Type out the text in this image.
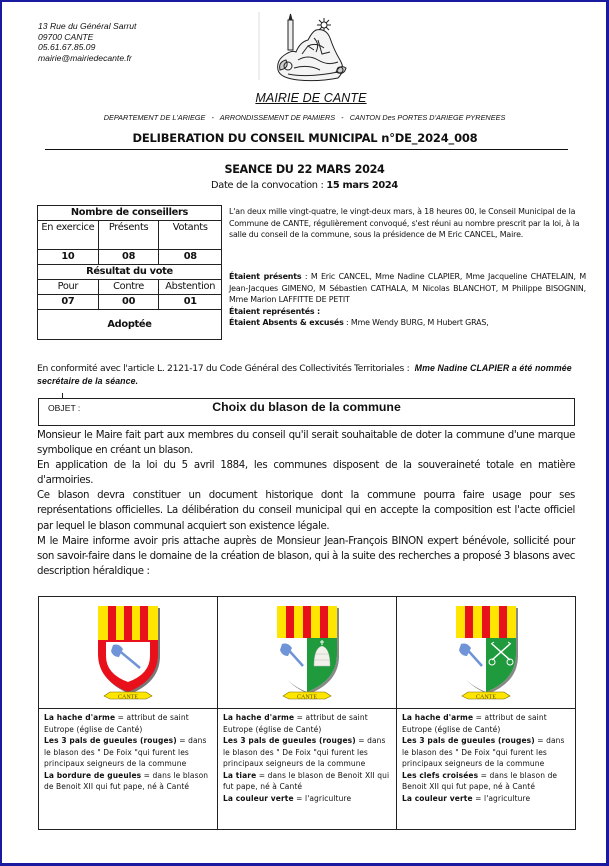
13 Rue du Général Sarrut
09700 CANTE
05.61.67.85.09
mairie@mairiedecante.fr
MAIRIE DE CANTE
DEPARTEMENT DE L'ARIEGE   -   ARRONDISSEMENT DE PAMIERS   -   CANTON Des PORTES D'ARIEGE PYRENEES
DELIBERATION DU CONSEIL MUNICIPAL n°DE_2024_008
SEANCE DU 22 MARS 2024
Date de la convocation : 15 mars 2024
Nombre de conseillers		
En exercice	Présents	Votants
10	08	08
Résultat du vote		
Pour	Contre	Abstention
07	00	01
Adoptée		
L'an deux mille vingt-quatre, le vingt-deux mars, à 18 heures 00, le Conseil Municipal de la Commune de CANTE, régulièrement convoqué, s'est réuni au nombre prescrit par la loi, à la salle du conseil de la commune, sous la présidence de M Eric CANCEL, Maire.
Étaient présents : M Eric CANCEL, Mme Nadine CLAPIER, Mme Jacqueline CHATELAIN, M Jean-Jacques GIMENO, M Sébastien CATHALA, M Nicolas BLANCHOT, M Philippe BISOGNIN, Mme Marion LAFFITTE DE PETIT
Étaient représentés :
Étaient Absents & excusés : Mme Wendy BURG, M Hubert GRAS,
En conformité avec l'article L. 2121-17 du Code Général des Collectivités Territoriales :  Mme Nadine CLAPIER a été nommée secrétaire de la séance.
OBJET :	Choix du blason de la commune

Monsieur le Maire fait part aux membres du conseil qu'il serait souhaitable de doter la commune d'une marque symbolique en créant un blason.

En application de la loi du 5 avril 1884, les communes disposent de la souveraineté totale en matière d'armoiries.

Ce blason devra constituer un document historique dont la commune pourra faire usage pour ses représentations officielles. La délibération du conseil municipal qui en accepte la composition est l'acte officiel par lequel le blason communal acquiert son existence légale.

M le Maire informe avoir pris attache auprès de Monsieur Jean-François BINON expert bénévole, sollicité pour son savoir-faire dans le domaine de la création de blason, qui à la suite des recherches a proposé 3 blasons avec description héraldique :

CANTE	CANTE	CANTE

La hache d'arme = attribut de saint Eutrope (église de Canté)
Les 3 pals de gueules (rouges) = dans le blason des " De Foix "qui furent les principaux seigneurs de la commune
La bordure de gueules = dans le blason de Benoit XII qui fut pape, né à Canté

La hache d'arme = attribut de saint Eutrope (église de Canté)
Les 3 pals de gueules (rouges) = dans le blason des " De Foix "qui furent les principaux seigneurs de la commune
La tiare = dans le blason de Benoit XII qui fut pape, né à Canté
La couleur verte = l'agriculture

La hache d'arme = attribut de saint Eutrope (église de Canté)
Les 3 pals de gueules (rouges) = dans le blason des " De Foix "qui furent les principaux seigneurs de la commune
Les clefs croisées = dans le blason de Benoit XII qui fut pape, né à Canté
La couleur verte = l'agriculture
